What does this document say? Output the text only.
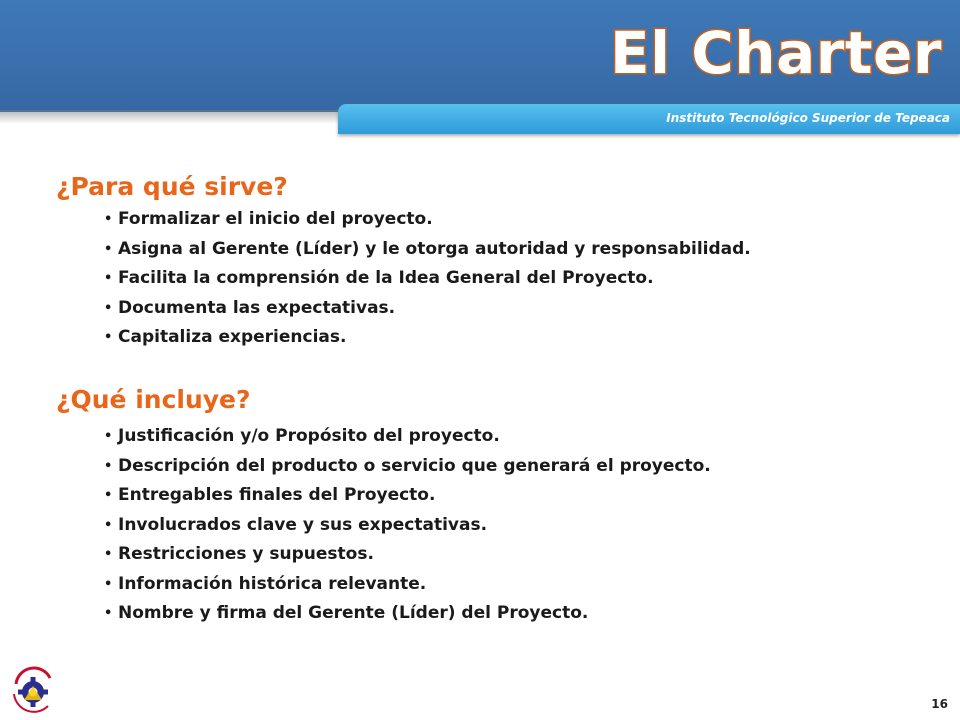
El Charter
Instituto Tecnológico Superior de Tepeaca
¿Para qué sirve?
• Formalizar el inicio del proyecto.
• Asigna al Gerente (Líder) y le otorga autoridad y responsabilidad.
• Facilita la comprensión de la Idea General del Proyecto.
• Documenta las expectativas.
• Capitaliza experiencias.
¿Qué incluye?
• Justificación y/o Propósito del proyecto.
• Descripción del producto o servicio que generará el proyecto.
• Entregables finales del Proyecto.
• Involucrados clave y sus expectativas.
• Restricciones y supuestos.
• Información histórica relevante.
• Nombre y firma del Gerente (Líder) del Proyecto.
16
